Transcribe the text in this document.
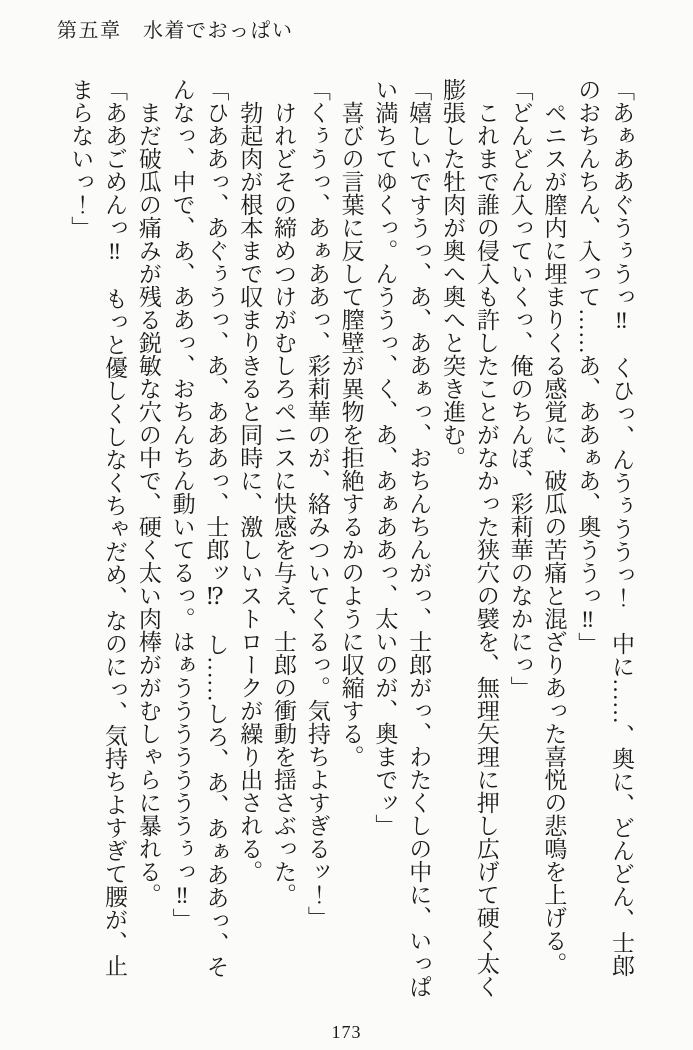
第五章　水着でおっぱい

「あぁああぐうぅうっ‼　くひっ、んうぅううっ！　中に……、奥に、どんどん、士郎のおちんちん、入って……あ、ああぁあ、奥ううっ‼」

ペニスが膣内に埋まりくる感覚に、破瓜の苦痛と混ざりあった喜悦の悲鳴を上げる。

「どんどん入っていくっ、俺のちんぽ、彩莉華のなかにっ」

これまで誰の侵入も許したことがなかった狭穴の襞を、無理矢理に押し広げて硬く太く膨張した牡肉が奥へ奥へと突き進む。

「嬉しいですうっ、あ、ああぁっ、おちんちんがっ、士郎がっ、わたくしの中に、いっぱい満ちてゆくっ。んううっ、く、あ、あぁああっ、太いのが、奥までッ」

喜びの言葉に反して膣壁が異物を拒絶するかのように収縮する。

「くぅうっ、あぁああっ、彩莉華のが、絡みついてくるっ。気持ちよすぎるッ！」

けれどその締めつけがむしろペニスに快感を与え、士郎の衝動を揺さぶった。

勃起肉が根本まで収まりきると同時に、激しいストロークが繰り出される。

「ひああっ、あぐぅうっ、あ、あああっ、士郎ッ⁉　し……しろ、あ、あぁああっ、そんなっ、中で、あ、ああっ、おちんちん動いてるっ。はぁうううううううぅっ‼」

まだ破瓜の痛みが残る鋭敏な穴の中で、硬く太い肉棒ががむしゃらに暴れる。

「ああごめんっ‼　もっと優しくしなくちゃだめ、なのにっ、気持ちよすぎて腰が、止まらないっ！」

173
